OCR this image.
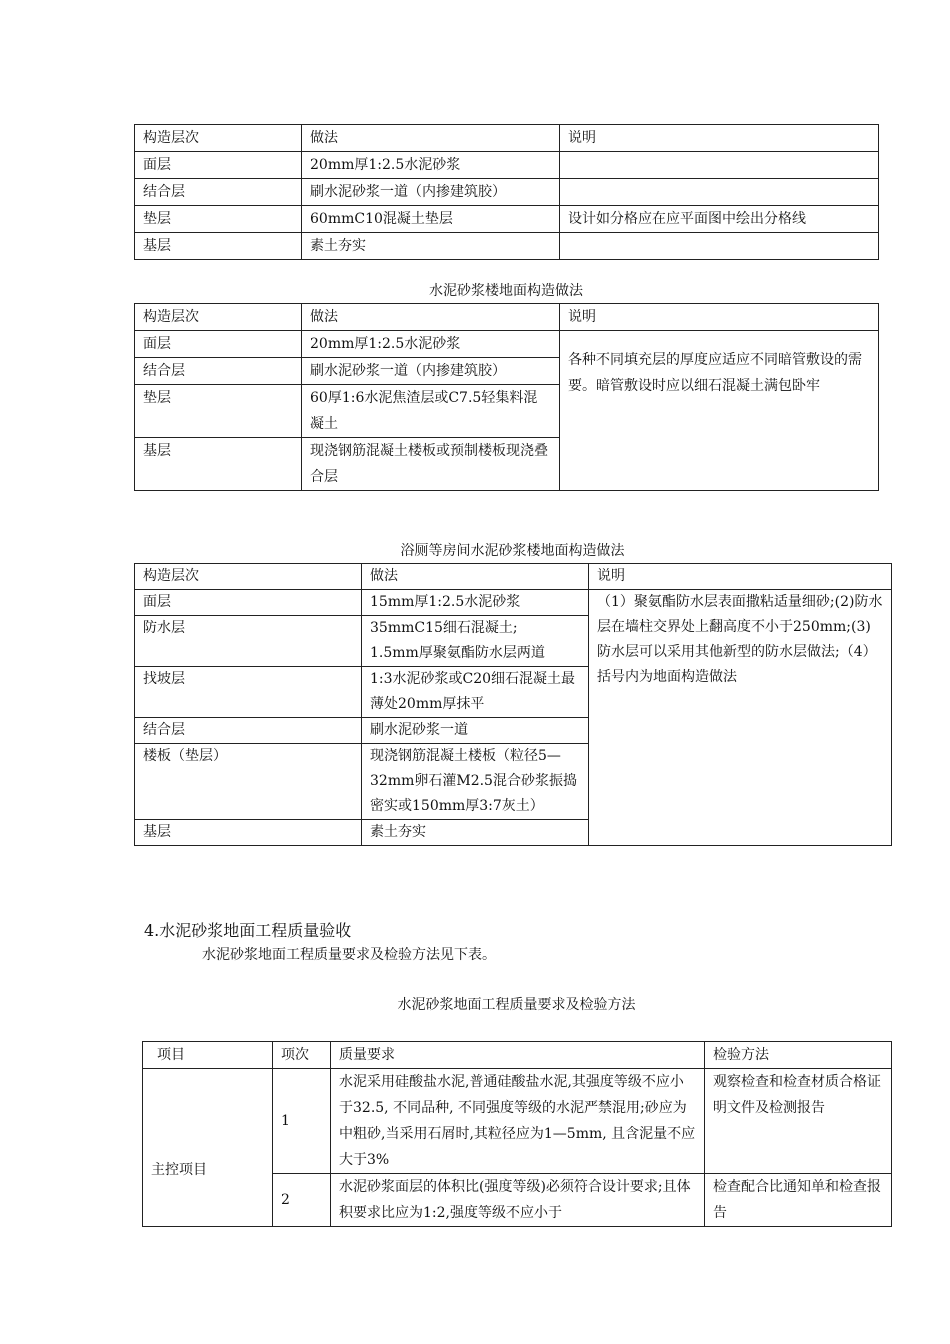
构造层次	做法	说明
面层	20mm厚1:2.5水泥砂浆	
结合层	刷水泥砂浆一道（内掺建筑胶）	
垫层	60mmC10混凝土垫层	设计如分格应在应平面图中绘出分格线
基层	素土夯实	
水泥砂浆楼地面构造做法
构造层次	做法	说明
面层	20mm厚1:2.5水泥砂浆	各种不同填充层的厚度应适应不同暗管敷设的需要。暗管敷设时应以细石混凝土满包卧牢
结合层	刷水泥砂浆一道（内掺建筑胶）	
垫层	60厚1:6水泥焦渣层或C7.5轻集料混凝土	
基层	现浇钢筋混凝土楼板或预制楼板现浇叠合层	
浴厕等房间水泥砂浆楼地面构造做法
构造层次	做法	说明
面层	15mm厚1:2.5水泥砂浆	（1）聚氨酯防水层表面撒粘适量细砂;(2)防水层在墙柱交界处上翻高度不小于250mm;(3)防水层可以采用其他新型的防水层做法;（4）括号内为地面构造做法
防水层	35mmC15细石混凝土;
1.5mm厚聚氨酯防水层两道	
找坡层	1:3水泥砂浆或C20细石混凝土最薄处20mm厚抹平	
结合层	刷水泥砂浆一道	
楼板（垫层）	现浇钢筋混凝土楼板（粒径5—32mm卵石灌M2.5混合砂浆振捣密实或150mm厚3:7灰土）	
基层	素土夯实	
4.水泥砂浆地面工程质量验收
水泥砂浆地面工程质量要求及检验方法见下表。
水泥砂浆地面工程质量要求及检验方法
项目	项次	质量要求	检验方法
主控项目	1	水泥采用硅酸盐水泥,普通硅酸盐水泥,其强度等级不应小于32.5, 不同品种, 不同强度等级的水泥严禁混用;砂应为中粗砂,当采用石屑时,其粒径应为1—5mm, 且含泥量不应大于3%	观察检查和检查材质合格证明文件及检测报告
	2	水泥砂浆面层的体积比(强度等级)必须符合设计要求;且体积要求比应为1:2,强度等级不应小于	检查配合比通知单和检查报告
